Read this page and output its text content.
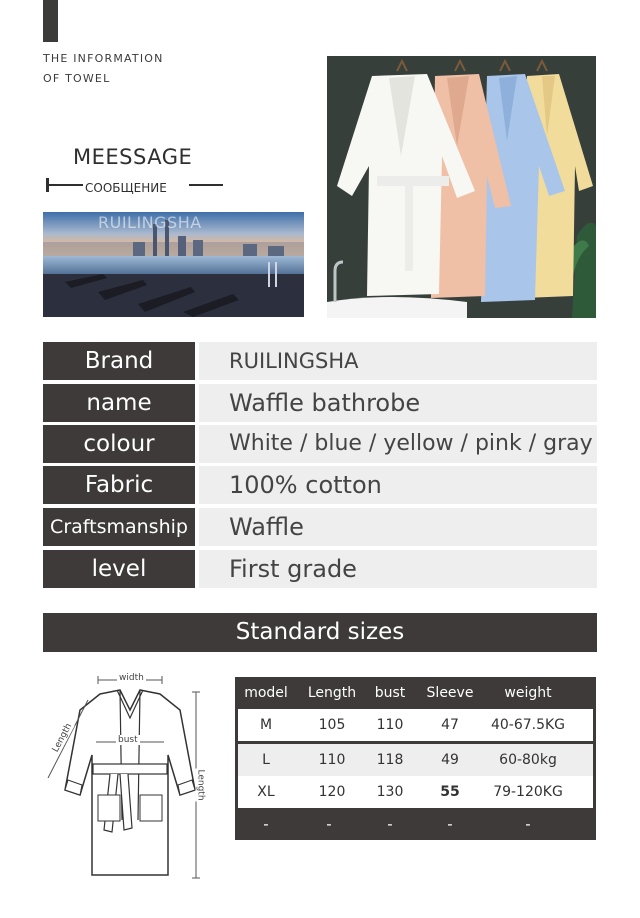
THE INFORMATION
OF TOWEL
MEESSAGE
СООБЩЕНИЕ
RUILINGSHA
Brand	RUILINGSHA
name	Waffle bathrobe
colour	White / blue / yellow / pink / gray
Fabric	100% cotton
Craftsmanship	Waffle
level	First grade
Standard sizes
width
bust
Length
Length
model Length bust Sleeve weight
M	105 110	47 40-67.5KG
L	110 118	49	60-80kg
XL	120 130	55 79-120KG
-	-	-	-	-
